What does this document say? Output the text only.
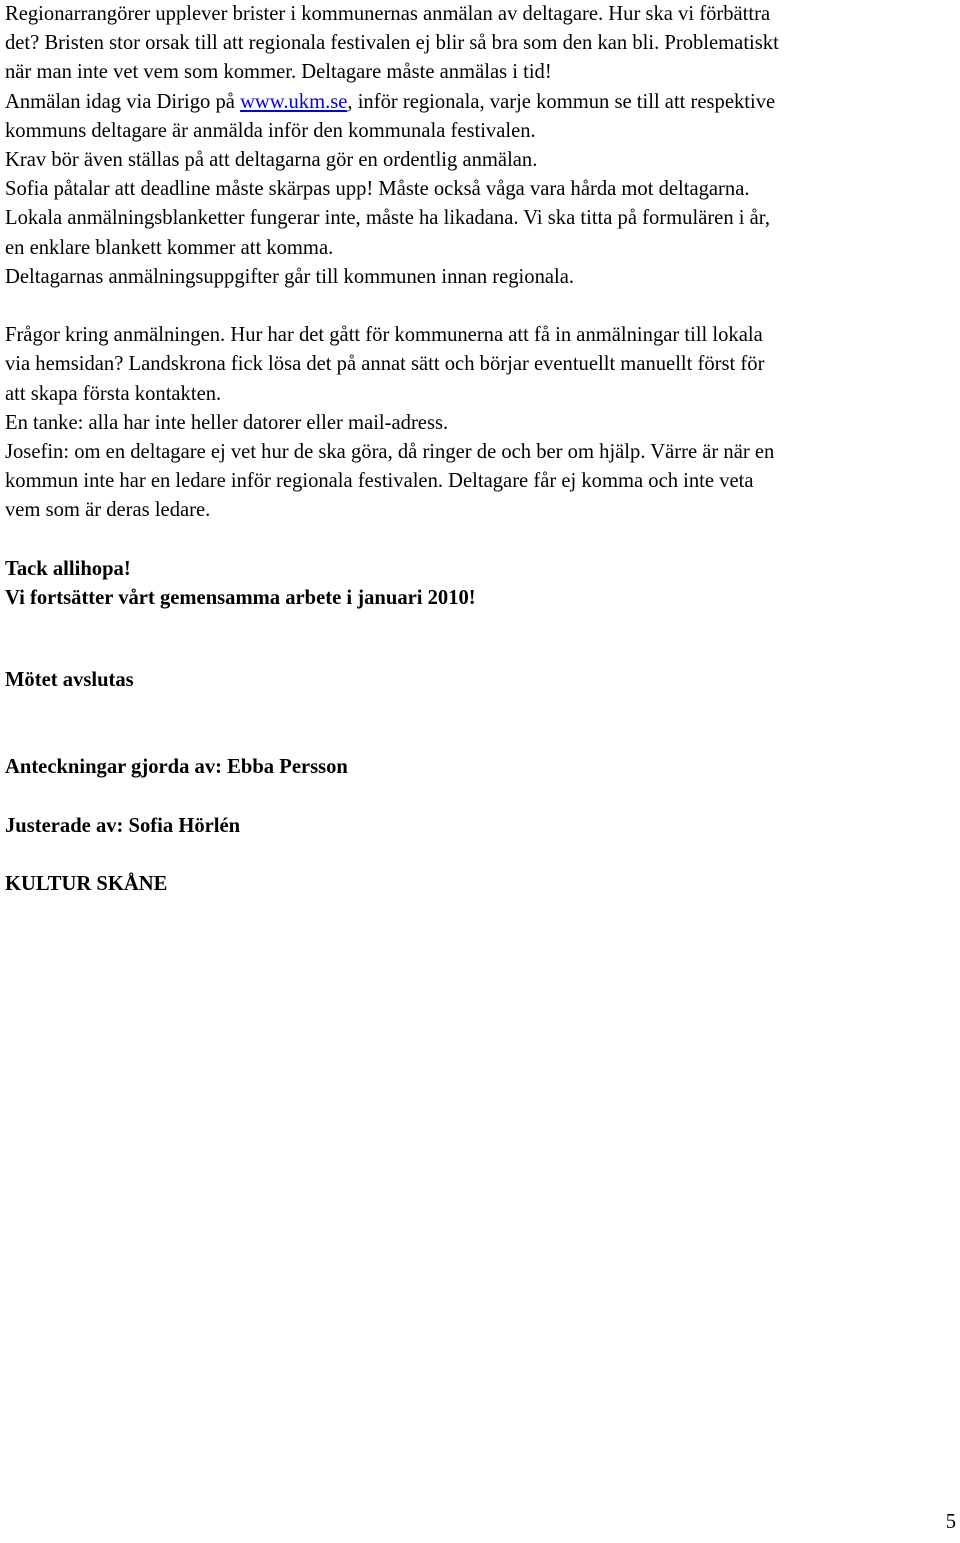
Regionarrangörer upplever brister i kommunernas anmälan av deltagare. Hur ska vi förbättra
det? Bristen stor orsak till att regionala festivalen ej blir så bra som den kan bli. Problematiskt
när man inte vet vem som kommer. Deltagare måste anmälas i tid!
Anmälan idag via Dirigo på www.ukm.se, inför regionala, varje kommun se till att respektive
kommuns deltagare är anmälda inför den kommunala festivalen.
Krav bör även ställas på att deltagarna gör en ordentlig anmälan.
Sofia påtalar att deadline måste skärpas upp! Måste också våga vara hårda mot deltagarna.
Lokala anmälningsblanketter fungerar inte, måste ha likadana. Vi ska titta på formulären i år,
en enklare blankett kommer att komma.
Deltagarnas anmälningsuppgifter går till kommunen innan regionala.
Frågor kring anmälningen. Hur har det gått för kommunerna att få in anmälningar till lokala
via hemsidan? Landskrona fick lösa det på annat sätt och börjar eventuellt manuellt först för
att skapa första kontakten.
En tanke: alla har inte heller datorer eller mail-adress.
Josefin: om en deltagare ej vet hur de ska göra, då ringer de och ber om hjälp. Värre är när en
kommun inte har en ledare inför regionala festivalen. Deltagare får ej komma och inte veta
vem som är deras ledare.
Tack allihopa!
Vi fortsätter vårt gemensamma arbete i januari 2010!
Mötet avslutas
Anteckningar gjorda av: Ebba Persson
Justerade av: Sofia Hörlén
KULTUR SKÅNE
5
